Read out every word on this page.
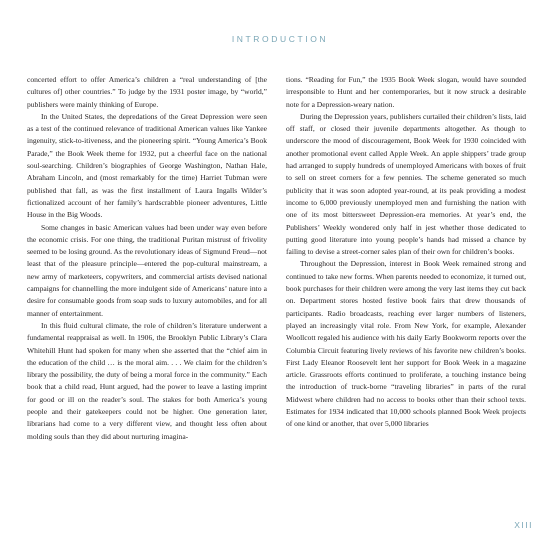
INTRODUCTION

concerted effort to offer America’s children a “real understanding of [the cultures of] other countries.” To judge by the 1931 poster image, by “world,” publishers were mainly thinking of Europe.

In the United States, the depredations of the Great Depression were seen as a test of the continued relevance of traditional American values like Yankee ingenuity, stick-to-itiveness, and the pioneering spirit. “Young America’s Book Parade,” the Book Week theme for 1932, put a cheerful face on the national soul-searching. Children’s biographies of George Washington, Nathan Hale, Abraham Lincoln, and (most remarkably for the time) Harriet Tubman were published that fall, as was the first installment of Laura Ingalls Wilder’s fictionalized account of her family’s hardscrabble pioneer adventures, Little House in the Big Woods.

Some changes in basic American values had been under way even before the economic crisis. For one thing, the traditional Puritan mistrust of frivolity seemed to be losing ground. As the revolutionary ideas of Sigmund Freud—not least that of the pleasure principle—entered the pop-cultural mainstream, a new army of marketeers, copywriters, and commercial artists devised national campaigns for channelling the more indulgent side of Americans’ nature into a desire for consumable goods from soap suds to luxury automobiles, and for all manner of entertainment.

In this fluid cultural climate, the role of children’s literature underwent a fundamental reappraisal as well. In 1906, the Brooklyn Public Library’s Clara Whitehill Hunt had spoken for many when she asserted that the “chief aim in the education of the child … is the moral aim. . . . We claim for the children’s library the possibility, the duty of being a moral force in the community.” Each book that a child read, Hunt argued, had the power to leave a lasting imprint for good or ill on the reader’s soul. The stakes for both America’s young people and their gatekeepers could not be higher. One generation later, librarians had come to a very different view, and thought less often about molding souls than they did about nurturing imagina-

tions. “Reading for Fun,” the 1935 Book Week slogan, would have sounded irresponsible to Hunt and her contemporaries, but it now struck a desirable note for a Depression-weary nation.

During the Depression years, publishers curtailed their children’s lists, laid off staff, or closed their juvenile departments altogether. As though to underscore the mood of discouragement, Book Week for 1930 coincided with another promotional event called Apple Week. An apple shippers’ trade group had arranged to supply hundreds of unemployed Americans with boxes of fruit to sell on street corners for a few pennies. The scheme generated so much publicity that it was soon adopted year-round, at its peak providing a modest income to 6,000 previously unemployed men and furnishing the nation with one of its most bittersweet Depression-era memories. At year’s end, the Publishers’ Weekly wondered only half in jest whether those dedicated to putting good literature into young people’s hands had missed a chance by failing to devise a street-corner sales plan of their own for children’s books.

Throughout the Depression, interest in Book Week remained strong and continued to take new forms. When parents needed to economize, it turned out, book purchases for their children were among the very last items they cut back on. Department stores hosted festive book fairs that drew thousands of participants. Radio broadcasts, reaching ever larger numbers of listeners, played an increasingly vital role. From New York, for example, Alexander Woollcott regaled his audience with his daily Early Bookworm reports over the Columbia Circuit featuring lively reviews of his favorite new children’s books. First Lady Eleanor Roosevelt lent her support for Book Week in a magazine article. Grassroots efforts continued to proliferate, a touching instance being the introduction of truck-borne “traveling libraries” in parts of the rural Midwest where children had no access to books other than their school texts. Estimates for 1934 indicated that 10,000 schools planned Book Week projects of one kind or another, that over 5,000 libraries

XIII
